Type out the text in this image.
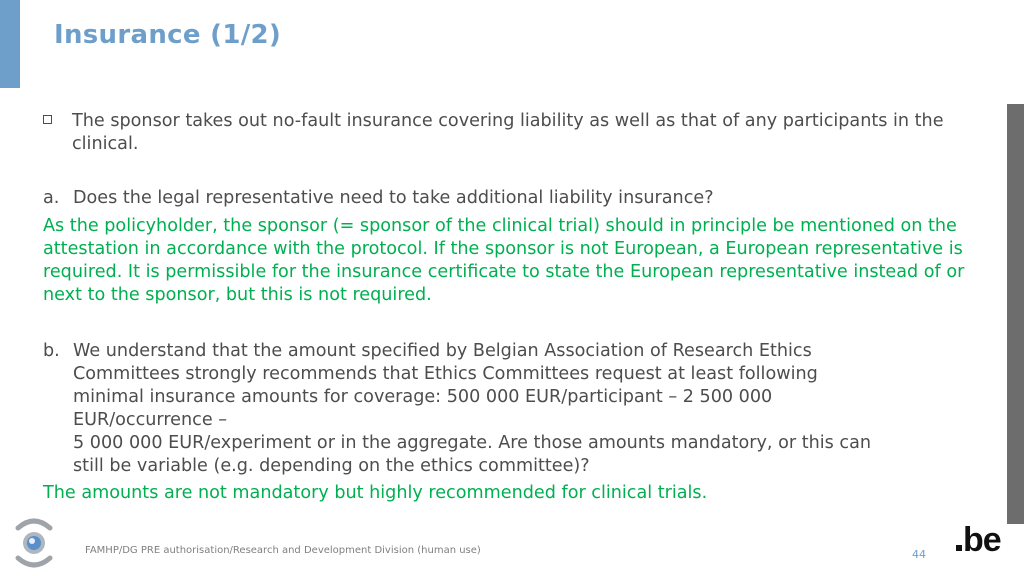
Insurance (1/2)
The sponsor takes out no-fault insurance covering liability as well as that of any participants in the clinical.
a. Does the legal representative need to take additional liability insurance?
As the policyholder, the sponsor (= sponsor of the clinical trial) should in principle be mentioned on the attestation in accordance with the protocol. If the sponsor is not European, a European representative is required. It is permissible for the insurance certificate to state the European representative instead of or next to the sponsor, but this is not required.
b. We understand that the amount specified by Belgian Association of Research Ethics
Committees strongly recommends that Ethics Committees request at least following
minimal insurance amounts for coverage: 500 000 EUR/participant – 2 500 000
EUR/occurrence –
5 000 000 EUR/experiment or in the aggregate. Are those amounts mandatory, or this can
still be variable (e.g. depending on the ethics committee)?
The amounts are not mandatory but highly recommended for clinical trials.
FAMHP/DG PRE authorisation/Research and Development Division (human use)	44 be
